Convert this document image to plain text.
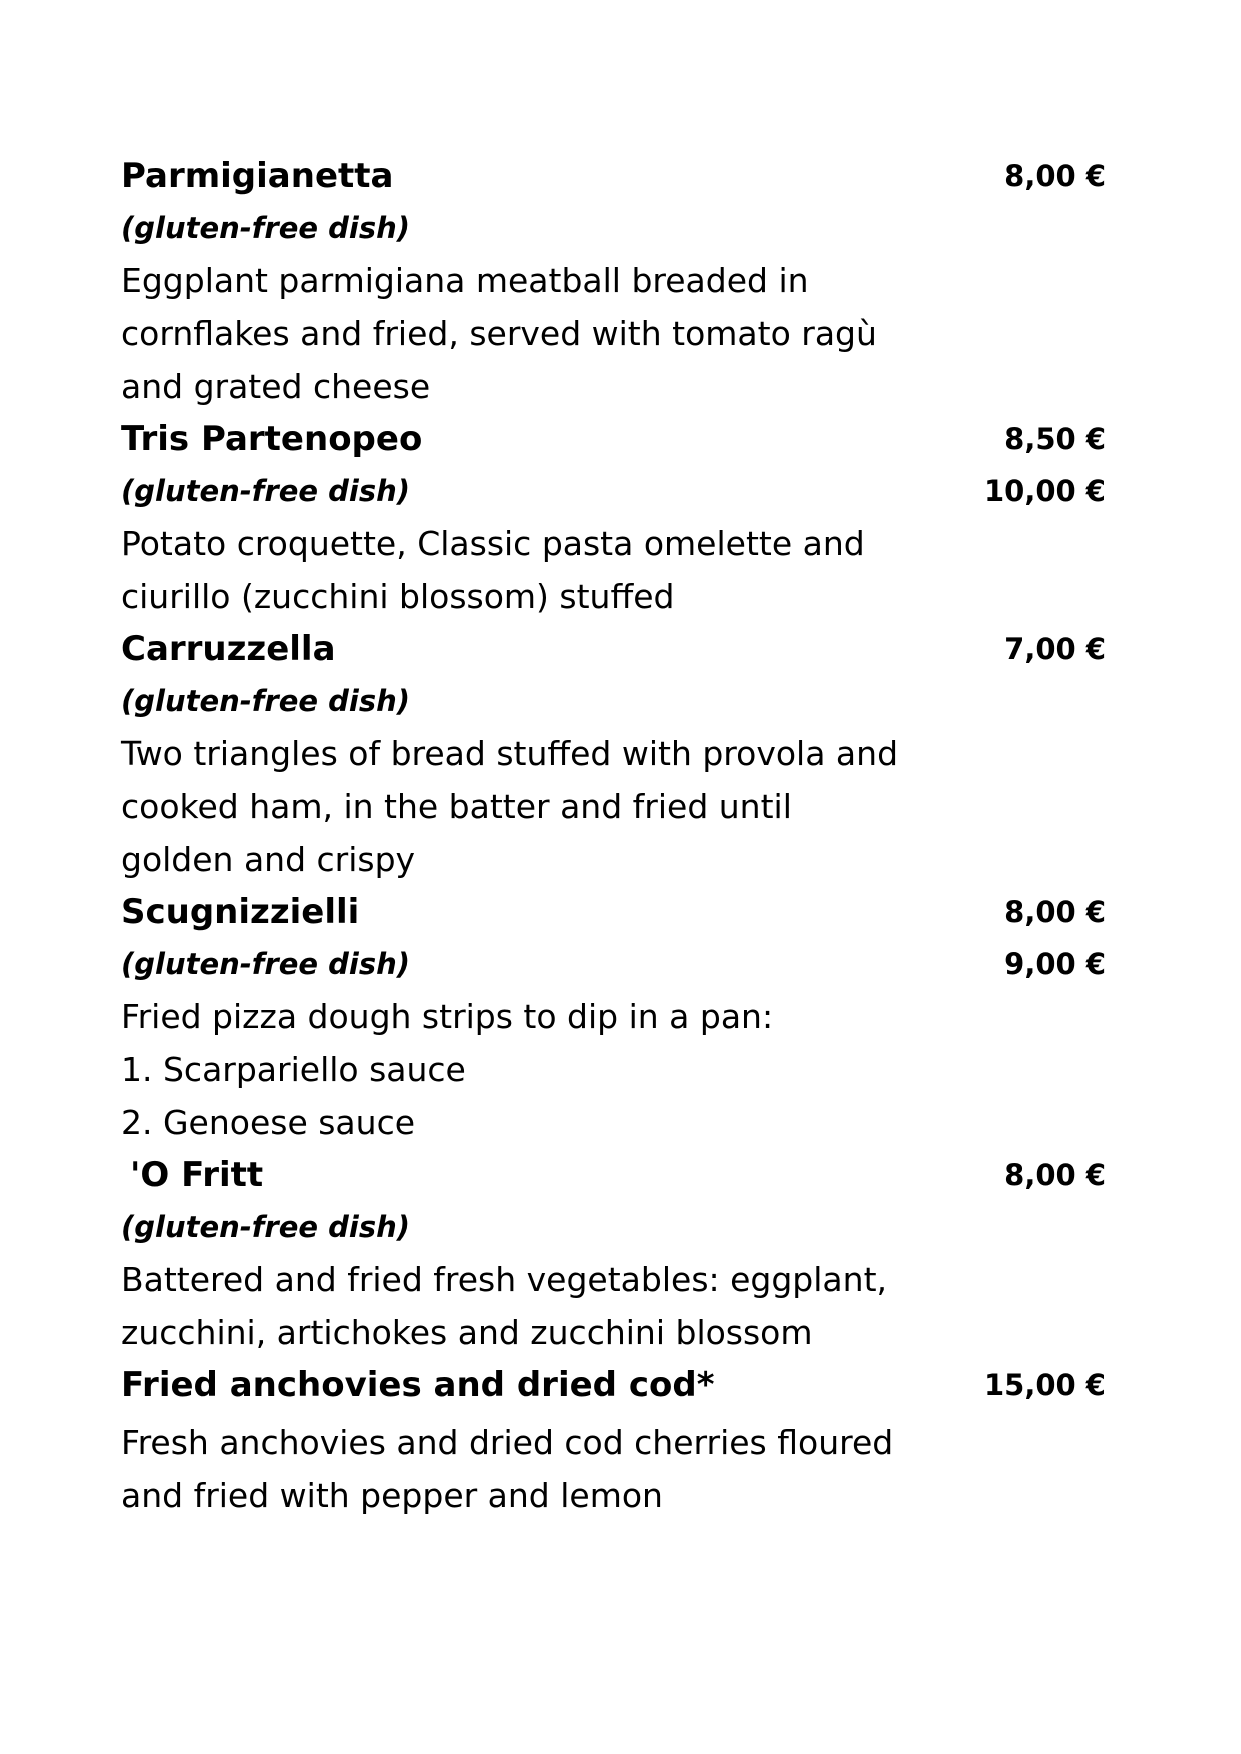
Parmigianetta	8,00 €
(gluten-free dish)
Eggplant parmigiana meatball breaded in
cornflakes and fried, served with tomato ragù
and grated cheese
Tris Partenopeo	8,50 €
(gluten-free dish)	10,00 €
Potato croquette, Classic pasta omelette and
ciurillo (zucchini blossom) stuffed
Carruzzella	7,00 €
(gluten-free dish)
Two triangles of bread stuffed with provola and
cooked ham, in the batter and fried until
golden and crispy
Scugnizzielli	8,00 €
(gluten-free dish)	9,00 €
Fried pizza dough strips to dip in a pan:
1. Scarpariello sauce
2. Genoese sauce
'O Fritt	8,00 €
(gluten-free dish)
Battered and fried fresh vegetables: eggplant,
zucchini, artichokes and zucchini blossom
Fried anchovies and dried cod*	15,00 €
Fresh anchovies and dried cod cherries floured
and fried with pepper and lemon
